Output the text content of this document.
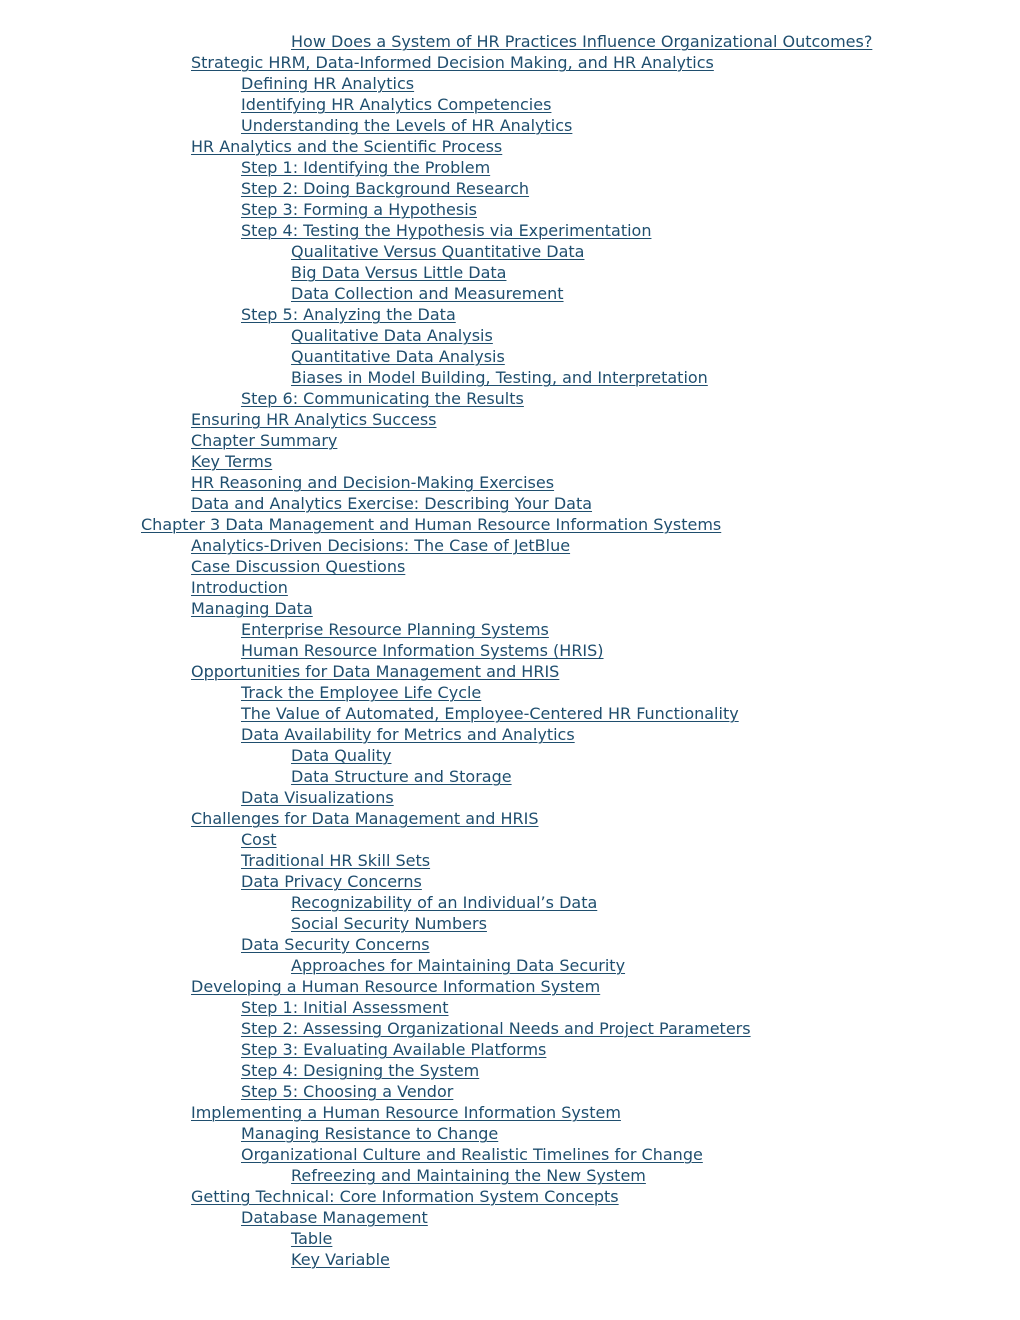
How Does a System of HR Practices Influence Organizational Outcomes?
Strategic HRM, Data-Informed Decision Making, and HR Analytics
Defining HR Analytics
Identifying HR Analytics Competencies
Understanding the Levels of HR Analytics
HR Analytics and the Scientific Process
Step 1: Identifying the Problem
Step 2: Doing Background Research
Step 3: Forming a Hypothesis
Step 4: Testing the Hypothesis via Experimentation
Qualitative Versus Quantitative Data
Big Data Versus Little Data
Data Collection and Measurement
Step 5: Analyzing the Data
Qualitative Data Analysis
Quantitative Data Analysis
Biases in Model Building, Testing, and Interpretation
Step 6: Communicating the Results
Ensuring HR Analytics Success
Chapter Summary
Key Terms
HR Reasoning and Decision-Making Exercises
Data and Analytics Exercise: Describing Your Data
Chapter 3 Data Management and Human Resource Information Systems
Analytics-Driven Decisions: The Case of JetBlue
Case Discussion Questions
Introduction
Managing Data
Enterprise Resource Planning Systems
Human Resource Information Systems (HRIS)
Opportunities for Data Management and HRIS
Track the Employee Life Cycle
The Value of Automated, Employee-Centered HR Functionality
Data Availability for Metrics and Analytics
Data Quality
Data Structure and Storage
Data Visualizations
Challenges for Data Management and HRIS
Cost
Traditional HR Skill Sets
Data Privacy Concerns
Recognizability of an Individual’s Data
Social Security Numbers
Data Security Concerns
Approaches for Maintaining Data Security
Developing a Human Resource Information System
Step 1: Initial Assessment
Step 2: Assessing Organizational Needs and Project Parameters
Step 3: Evaluating Available Platforms
Step 4: Designing the System
Step 5: Choosing a Vendor
Implementing a Human Resource Information System
Managing Resistance to Change
Organizational Culture and Realistic Timelines for Change
Refreezing and Maintaining the New System
Getting Technical: Core Information System Concepts
Database Management
Table
Key Variable
